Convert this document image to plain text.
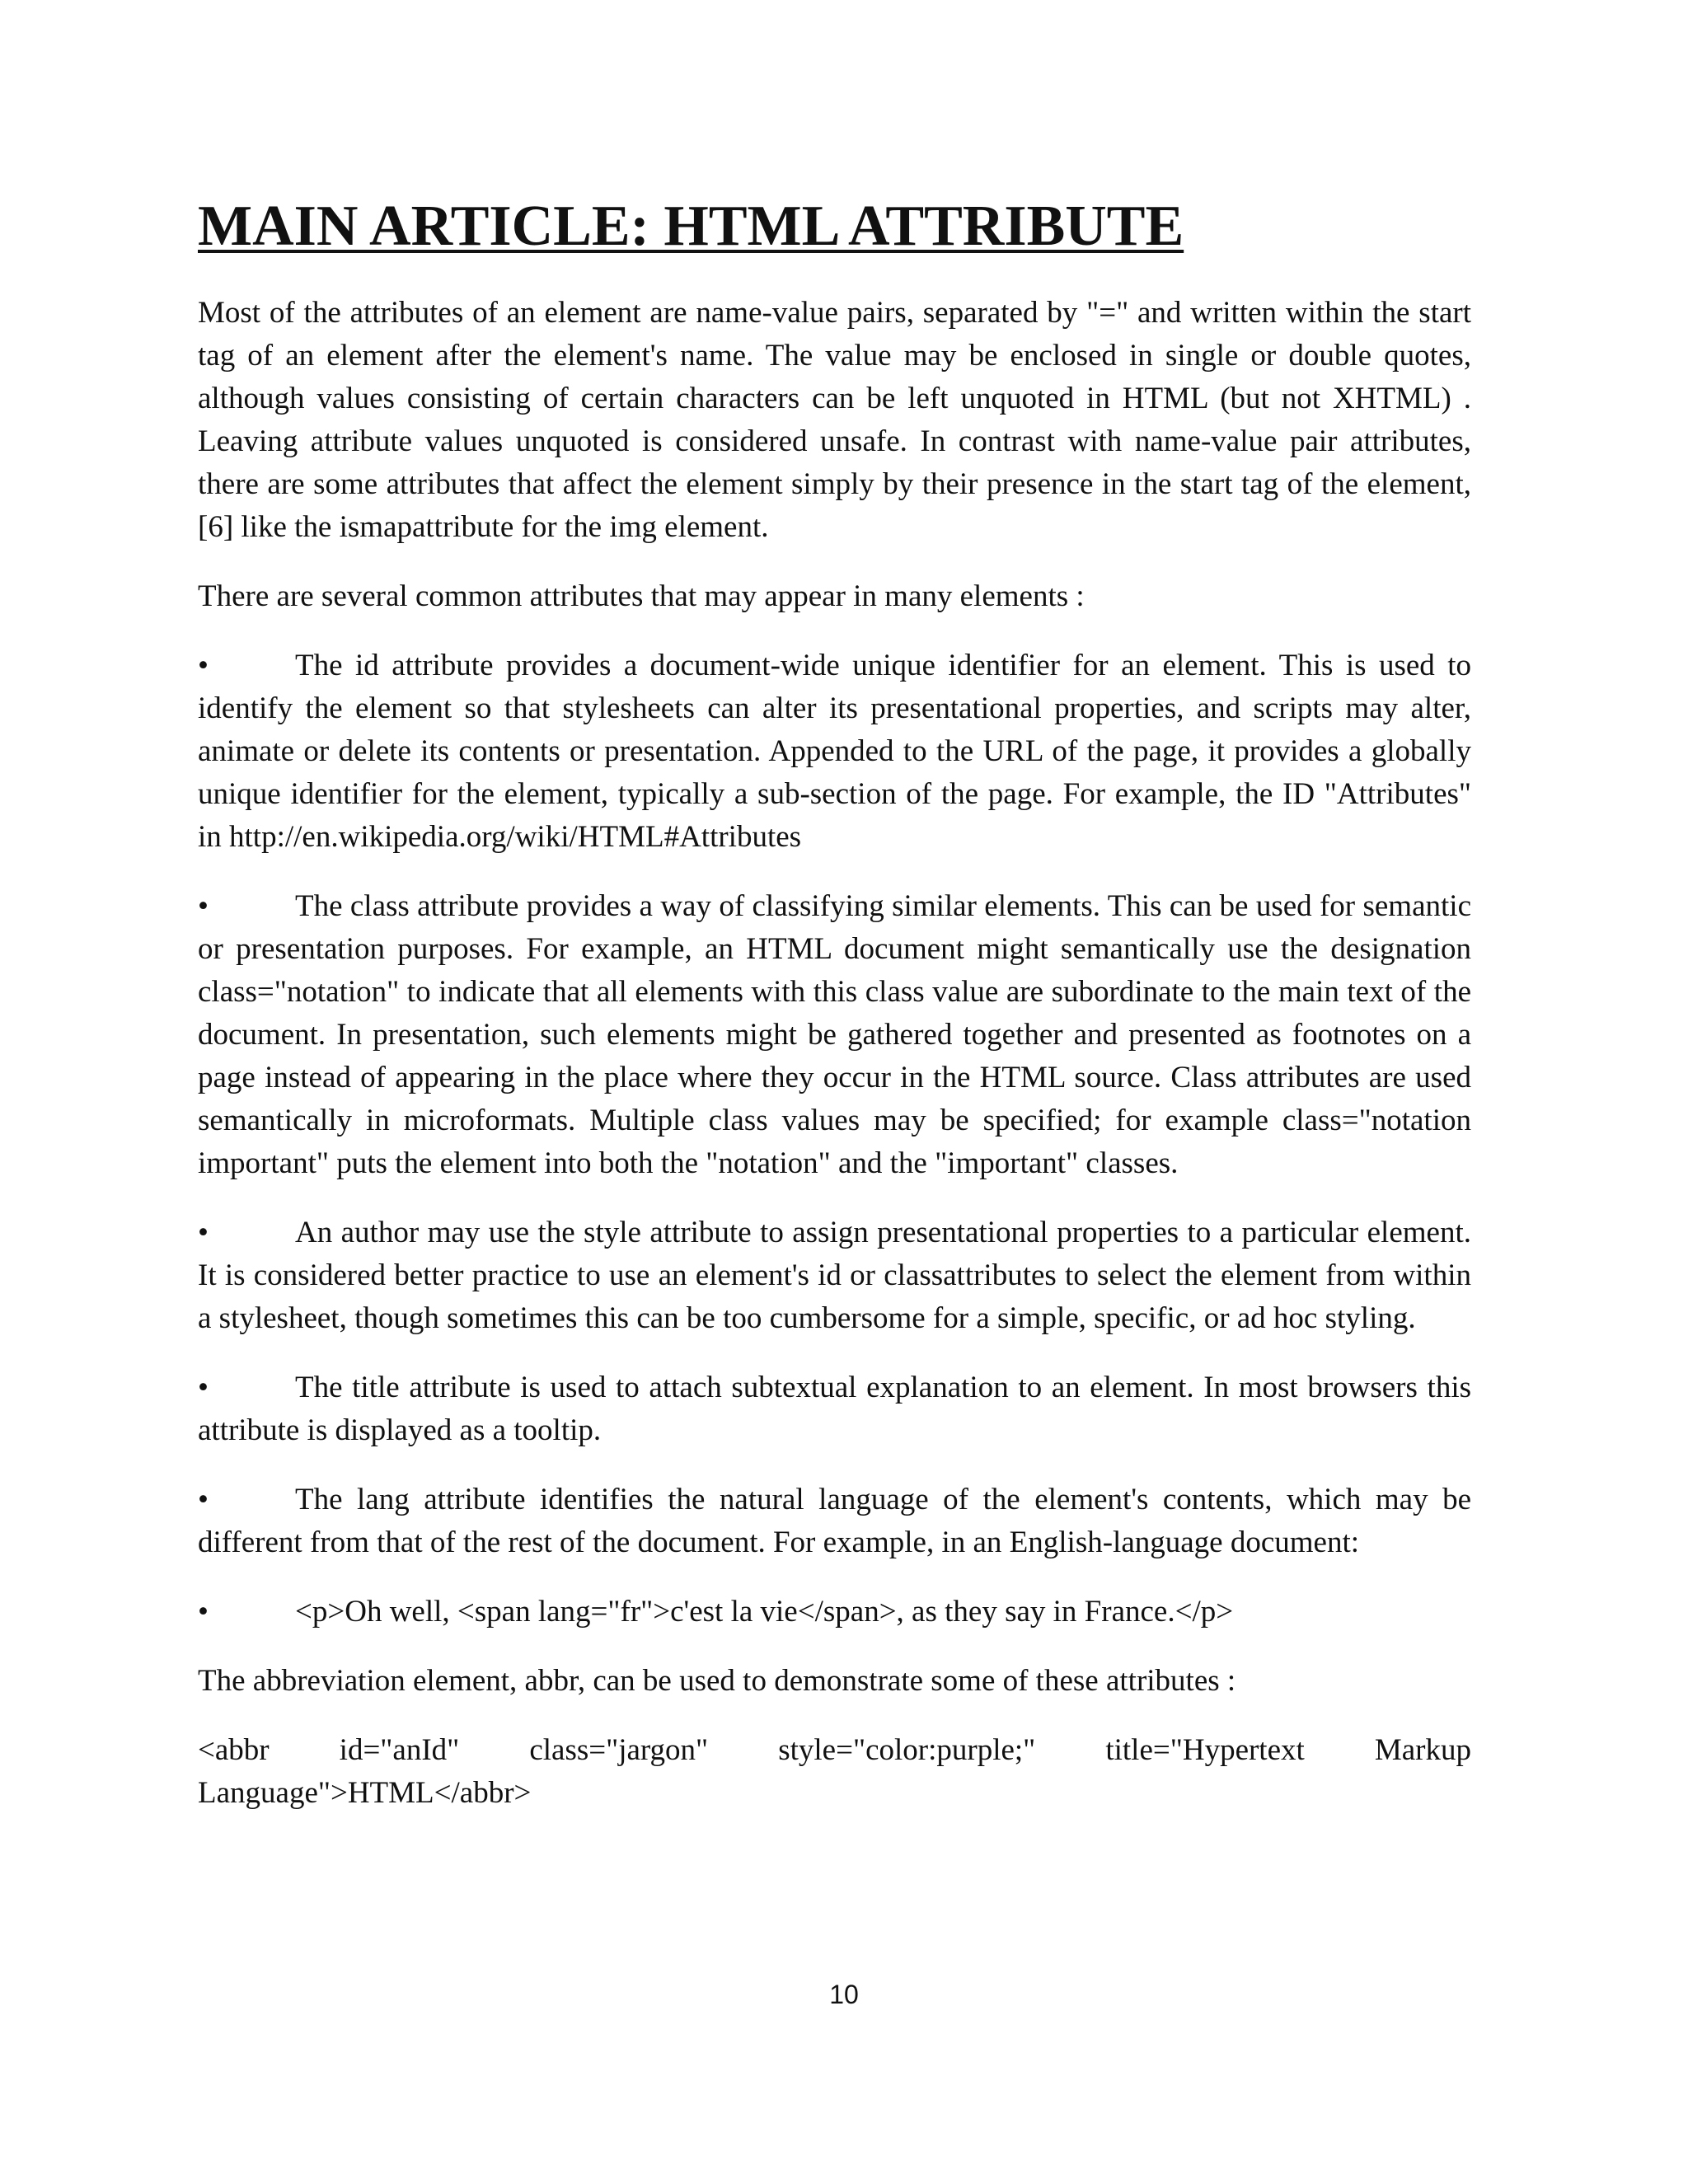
MAIN ARTICLE: HTML ATTRIBUTE

Most of the attributes of an element are name-value pairs, separated by "=" and written within the start tag of an element after the element's name. The value may be enclosed in single or double quotes, although values consisting of certain characters can be left unquoted in HTML (but not XHTML) . Leaving attribute values unquoted is considered unsafe. In contrast with name-value pair attributes, there are some attributes that affect the element simply by their presence in the start tag of the element,[6] like the ismapattribute for the img element.

There are several common attributes that may appear in many elements :

•	The id attribute provides a document-wide unique identifier for an element. This is used to identify the element so that stylesheets can alter its presentational properties, and scripts may alter, animate or delete its contents or presentation. Appended to the URL of the page, it provides a globally unique identifier for the element, typically a sub-section of the page. For example, the ID "Attributes" in http://en.wikipedia.org/wiki/HTML#Attributes

•	The class attribute provides a way of classifying similar elements. This can be used for semantic or presentation purposes. For example, an HTML document might semantically use the designation class="notation" to indicate that all elements with this class value are subordinate to the main text of the document. In presentation, such elements might be gathered together and presented as footnotes on a page instead of appearing in the place where they occur in the HTML source. Class attributes are used semantically in microformats. Multiple class values may be specified; for example class="notation important" puts the element into both the "notation" and the "important" classes.

•	An author may use the style attribute to assign presentational properties to a particular element. It is considered better practice to use an element's id or classattributes to select the element from within a stylesheet, though sometimes this can be too cumbersome for a simple, specific, or ad hoc styling.

•	The title attribute is used to attach subtextual explanation to an element. In most browsers this attribute is displayed as a tooltip.

•	The lang attribute identifies the natural language of the element's contents, which may be different from that of the rest of the document. For example, in an English-language document:

•	<p>Oh well, <span lang="fr">c'est la vie</span>, as they say in France.</p>

The abbreviation element, abbr, can be used to demonstrate some of these attributes :

<abbr id="anId" class="jargon" style="color:purple;" title="Hypertext Markup Language">HTML</abbr>

10
